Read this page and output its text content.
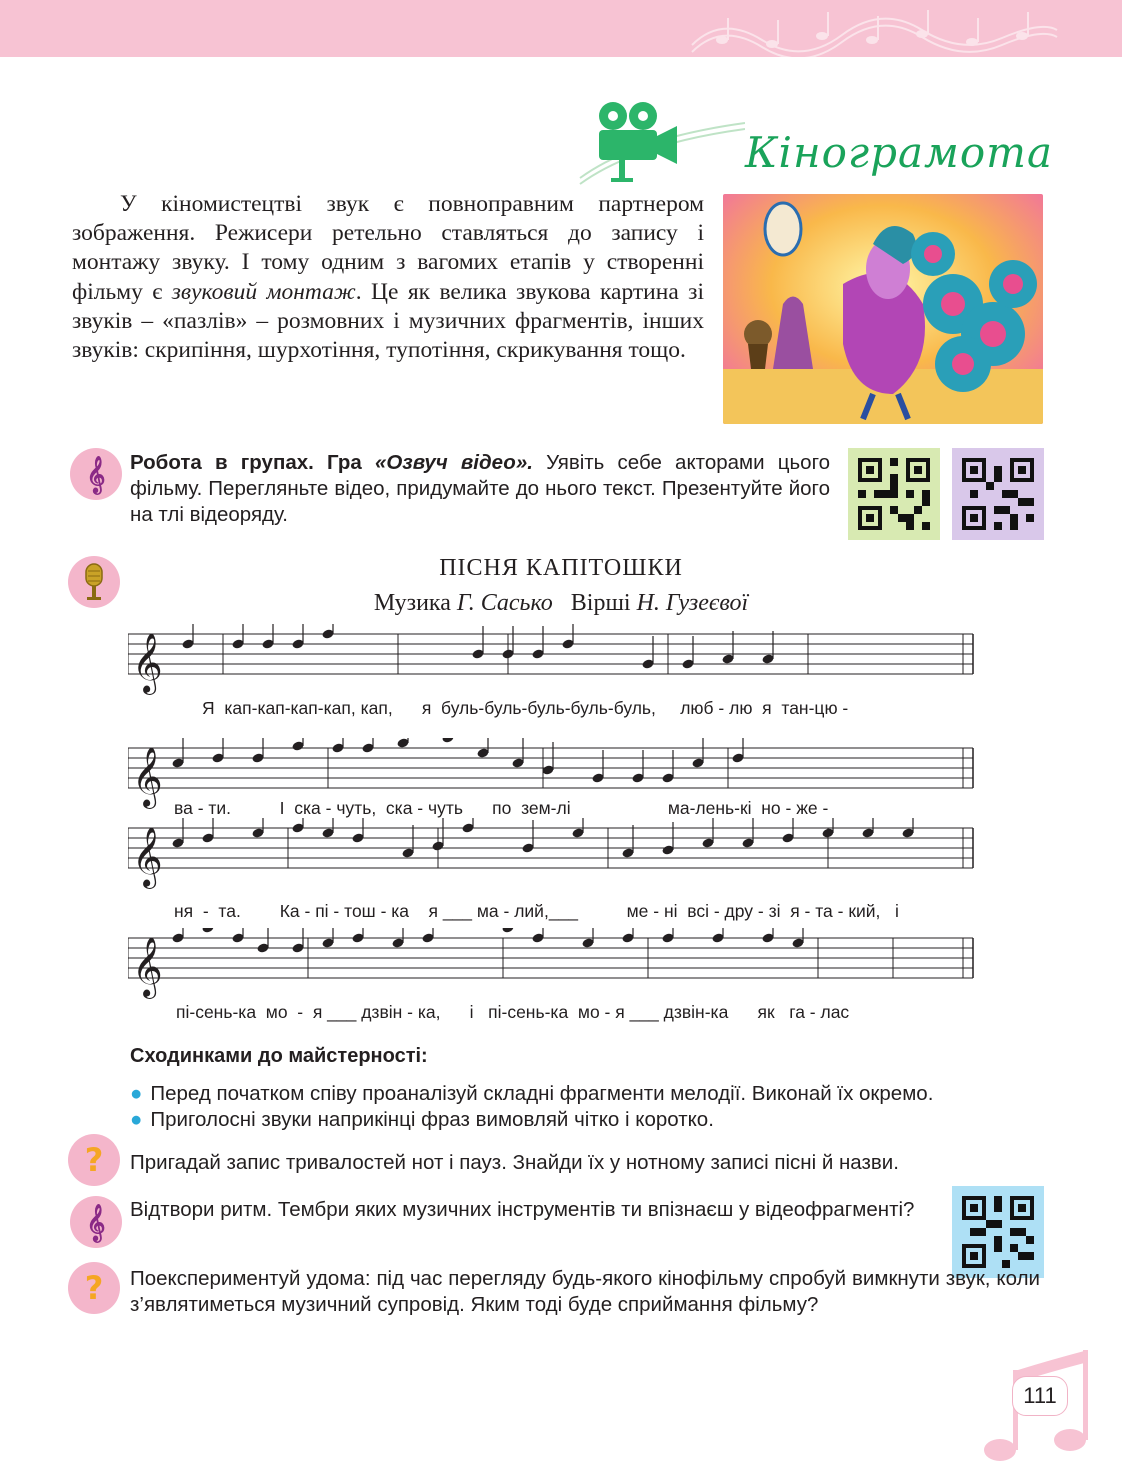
Кінограмота

У кіномистецтві звук є повноправним партнером зображення. Режисери ретельно ставляться до запису і монтажу звуку. І тому одним з вагомих етапів у створенні фільму є звуковий монтаж. Це як велика звукова картина зі звуків – «пазлів» – розмовних і музичних фрагментів, інших звуків: скрипіння, шурхотіння, тупотіння, скрикування тощо.

𝄞 Робота в групах. Гра «Озвуч відео». Уявіть себе акторами цього фільму. Перегляньте відео, придумайте до нього текст. Презентуйте його на тлі відеоряду.

ПІСНЯ КАПІТОШКИ
Музика Г. Сасько Вірші Н. Гузеєвої
𝄞
𝄞
𝄞
𝄞
Я  кап-кап-кап-кап, кап,      я  буль-буль-буль-буль-буль,     люб - лю  я  тан-цю -
ва - ти.          І  ска - чуть,  ска - чуть      по  зем-лі                    ма-лень-кі  но - же -
ня  -  та.        Ка - пі - тош - ка    я ___ ма - лий,___          ме - ні  всі - дру - зі  я - та - кий,   і
пі-сень-ка  мо  -  я ___ дзвін - ка,      і   пі-сень-ка  мо - я ___ дзвін-ка      як   га - лас
Сходинками до майстерності:
● Перед початком співу проаналізуй складні фрагменти мелодії. Виконай їх окремо.
● Приголосні звуки наприкінці фраз вимовляй чітко і коротко.
? Пригадай запис тривалостей нот і пауз. Знайди їх у нотному записі пісні й назви.

𝄞 Відтвори ритм. Тембри яких музичних інструментів ти впізнаєш у відеофрагменті?

? Поекспериментуй удома: під час перегляду будь-якого кінофільму спробуй вимкнути звук, коли з’являтиметься музичний супровід. Яким тоді буде сприймання фільму?

111
